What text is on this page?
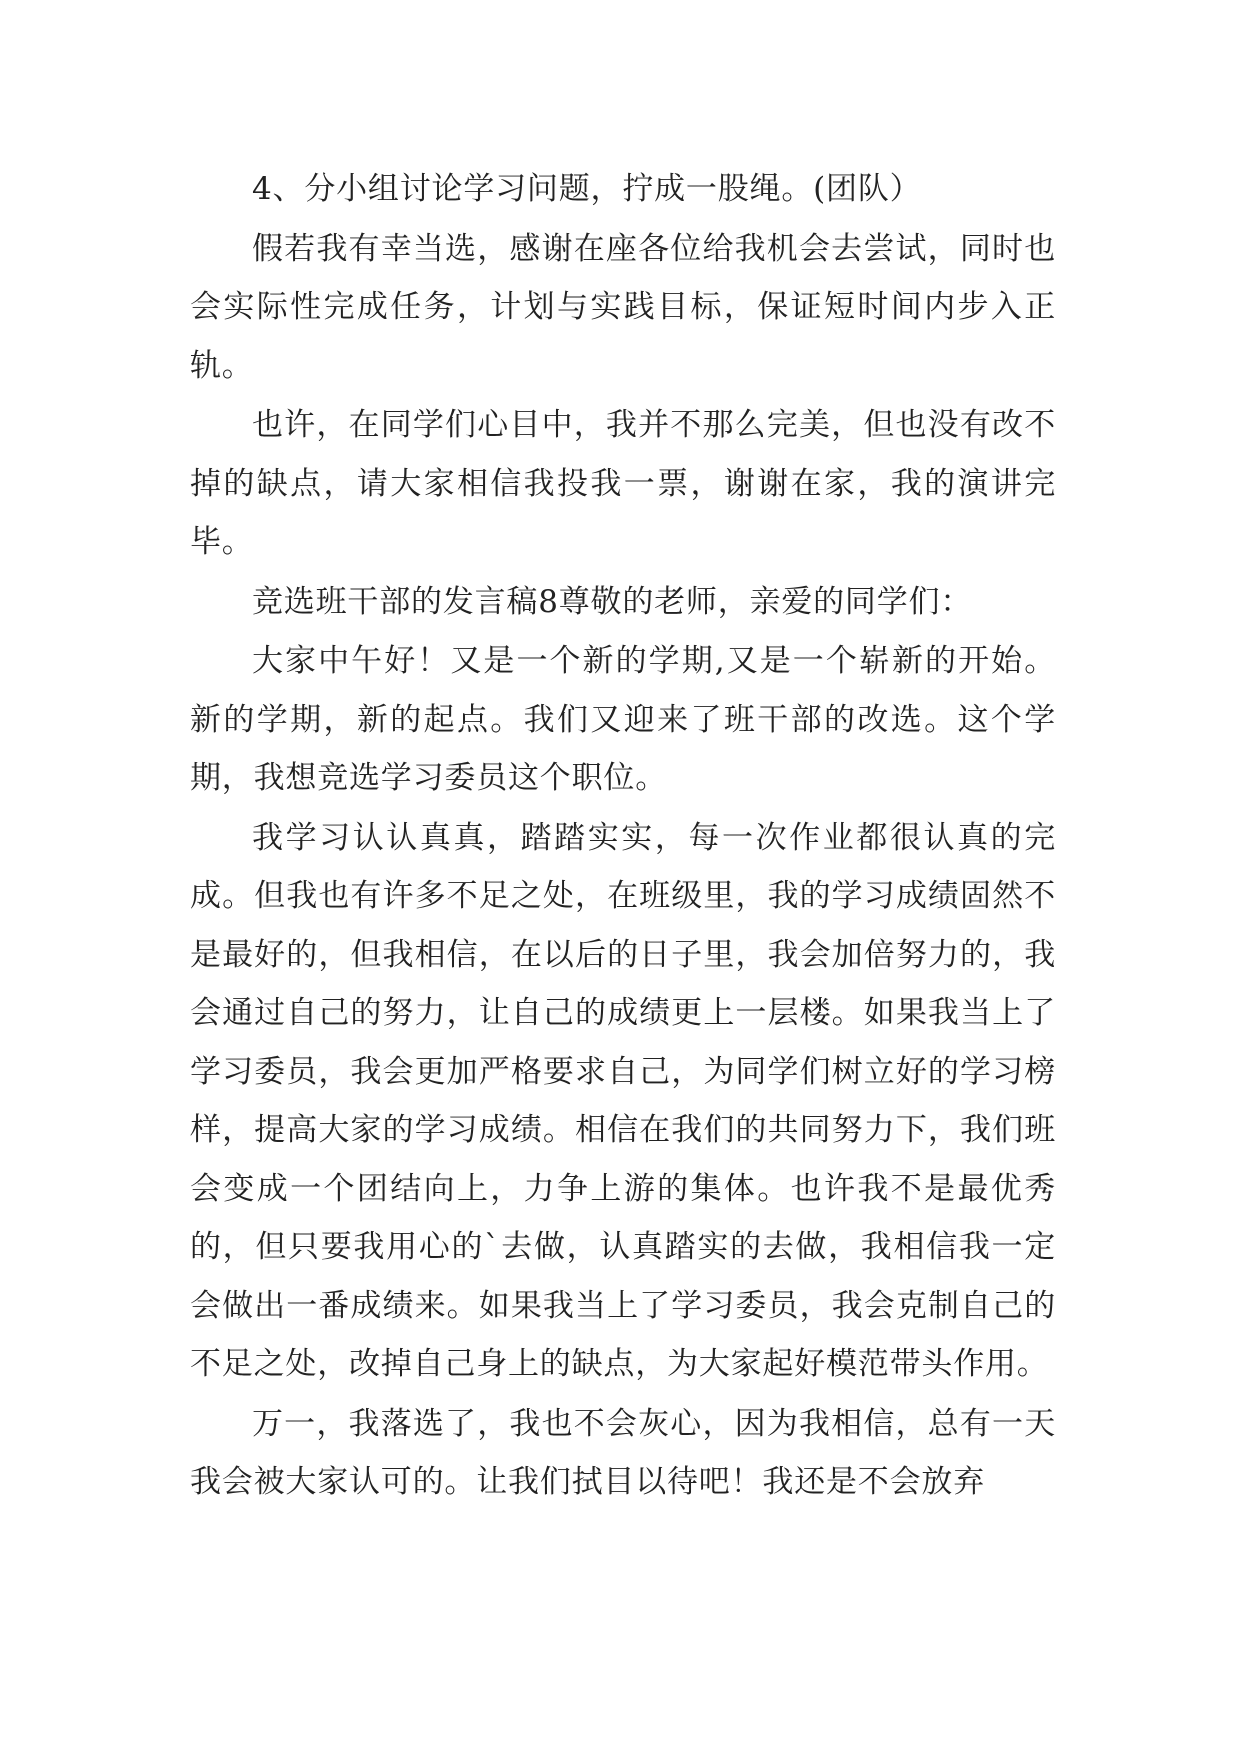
4、分小组讨论学习问题，拧成一股绳。(团队）

假若我有幸当选，感谢在座各位给我机会去尝试，同时也会实际性完成任务，计划与实践目标，保证短时间内步入正轨。

也许，在同学们心目中，我并不那么完美，但也没有改不掉的缺点，请大家相信我投我一票，谢谢在家，我的演讲完毕。

竞选班干部的发言稿8尊敬的老师，亲爱的同学们：

大家中午好！又是一个新的学期,又是一个崭新的开始。新的学期，新的起点。我们又迎来了班干部的改选。这个学期，我想竞选学习委员这个职位。

我学习认认真真，踏踏实实，每一次作业都很认真的完成。但我也有许多不足之处，在班级里，我的学习成绩固然不是最好的，但我相信，在以后的日子里，我会加倍努力的，我会通过自己的努力，让自己的成绩更上一层楼。如果我当上了学习委员，我会更加严格要求自己，为同学们树立好的学习榜样，提高大家的学习成绩。相信在我们的共同努力下，我们班会变成一个团结向上，力争上游的集体。也许我不是最优秀的，但只要我用心的`去做，认真踏实的去做，我相信我一定会做出一番成绩来。如果我当上了学习委员，我会克制自己的不足之处，改掉自己身上的缺点，为大家起好模范带头作用。

万一，我落选了，我也不会灰心，因为我相信，总有一天我会被大家认可的。让我们拭目以待吧！我还是不会放弃
